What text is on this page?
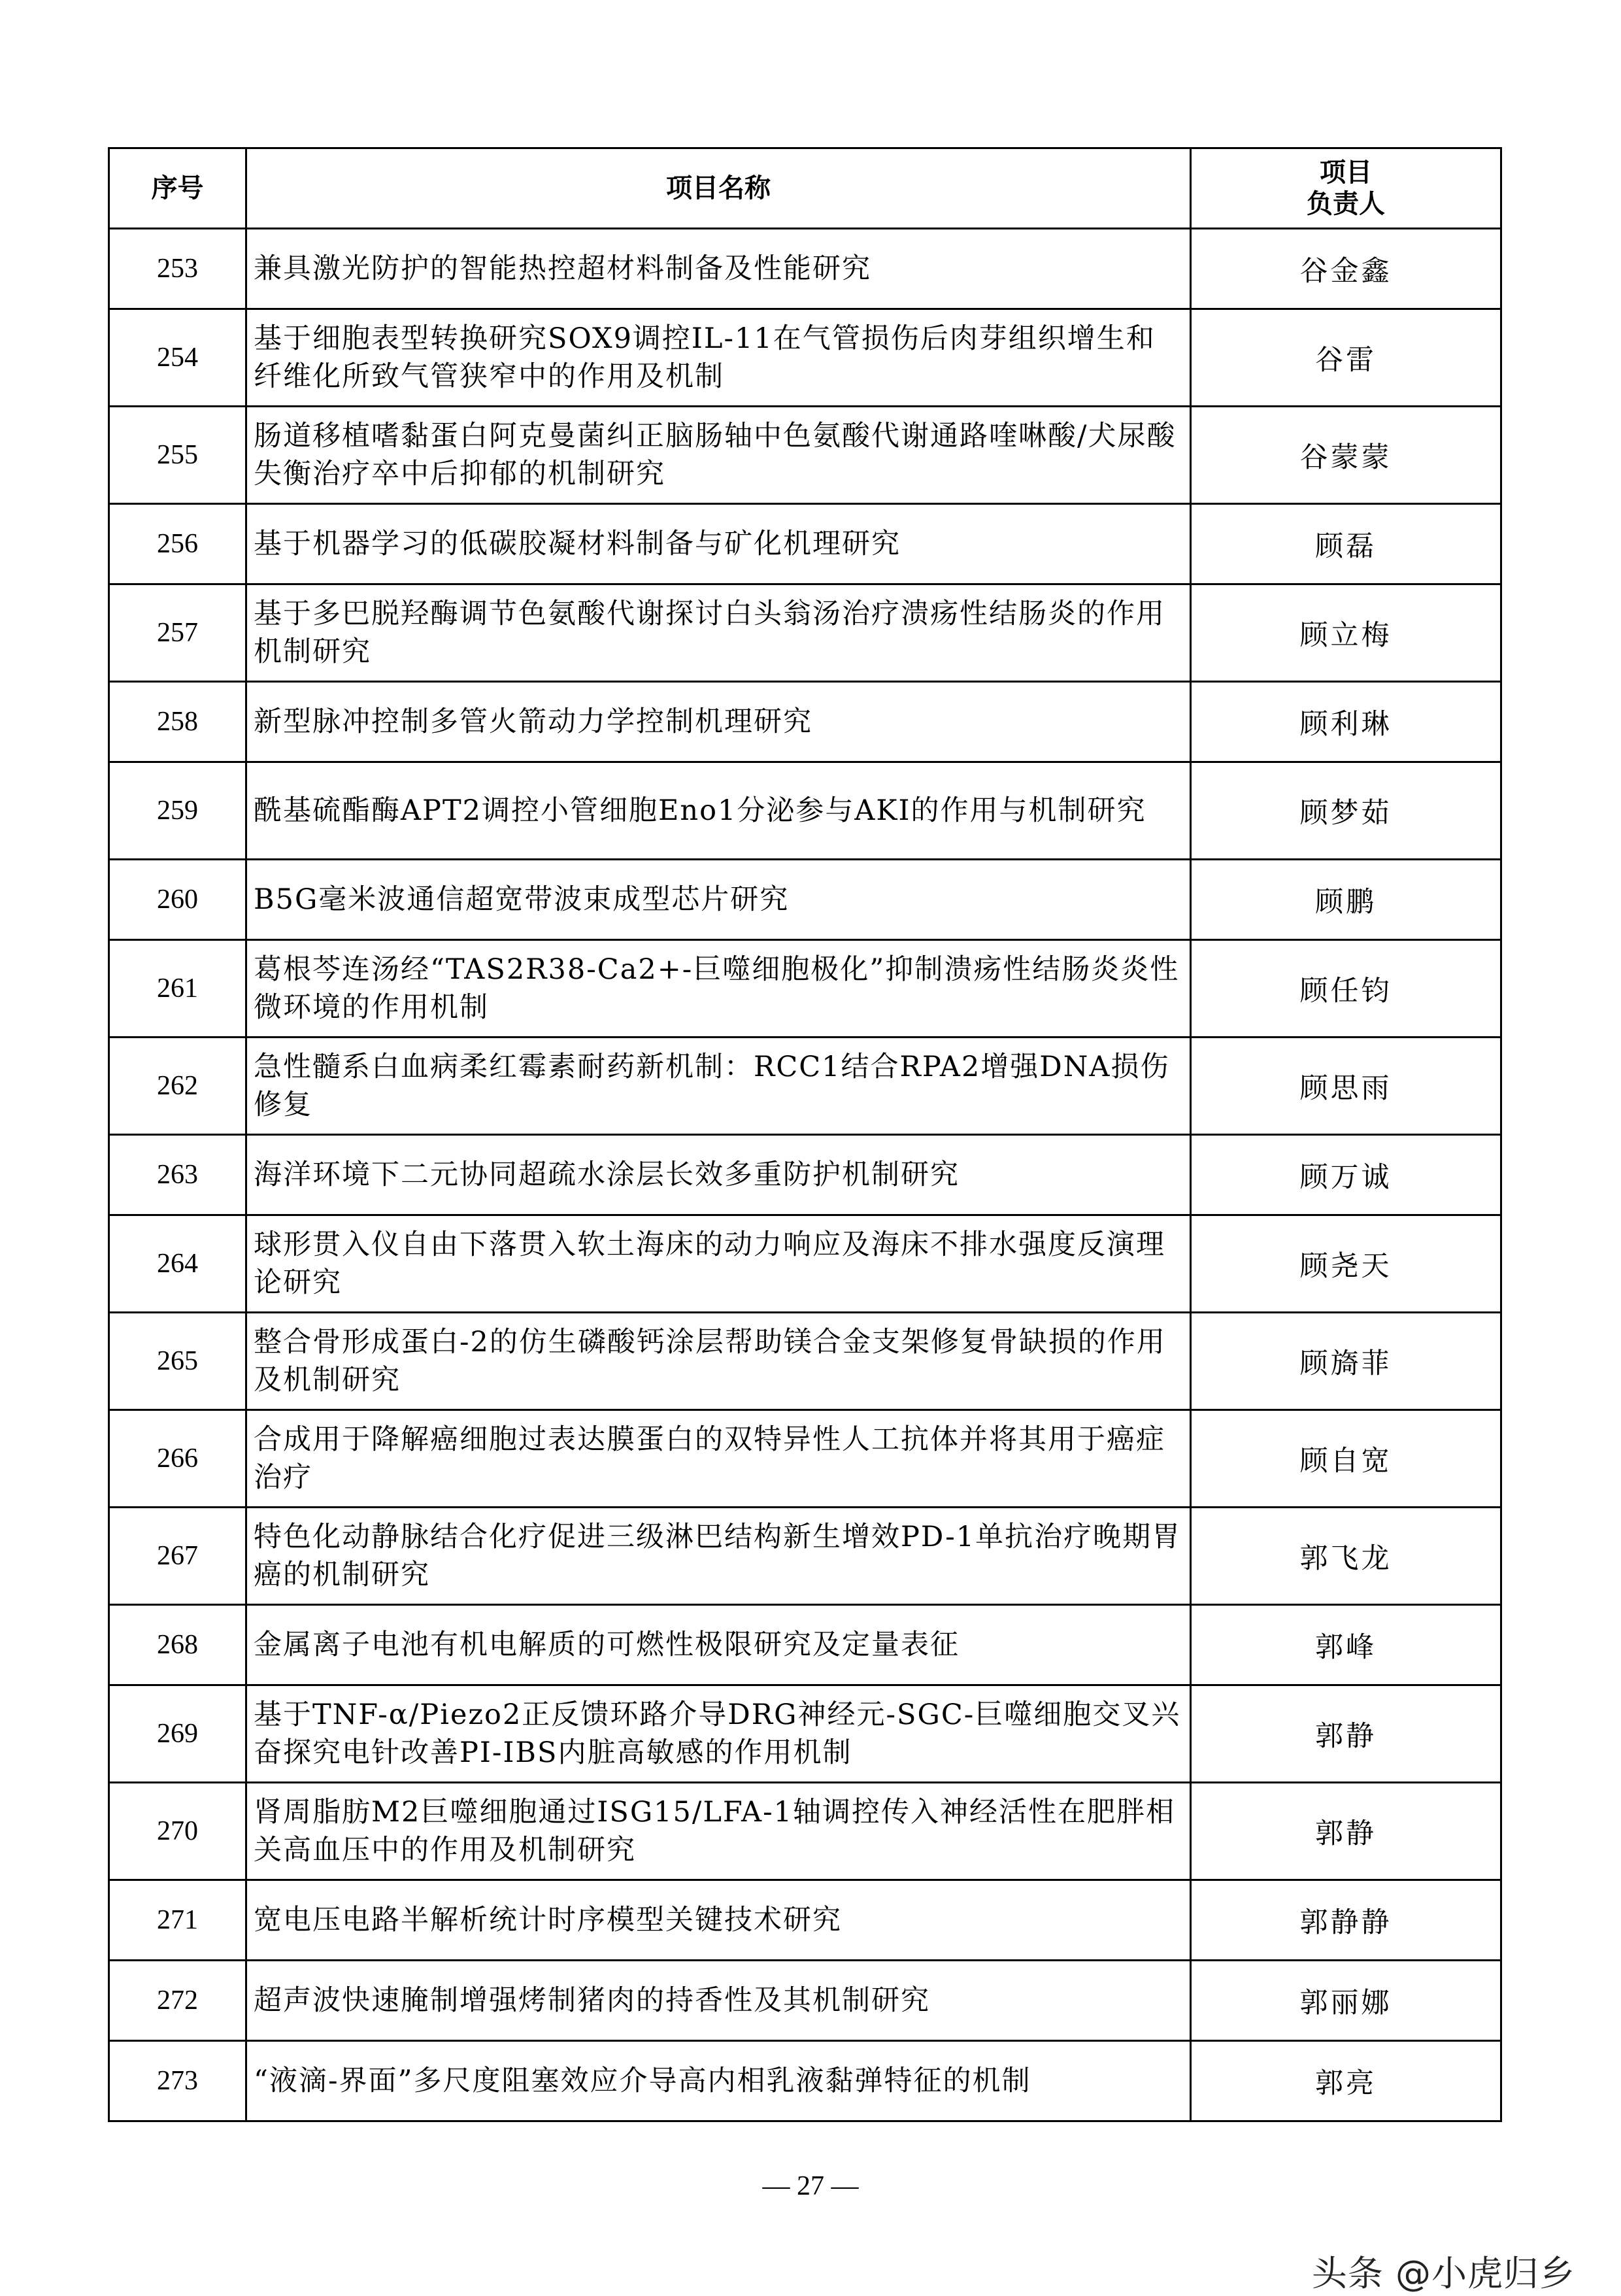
序号	项目名称	项目
负责人

253	兼具激光防护的智能热控超材料制备及性能研究	谷金鑫
254	基于细胞表型转换研究SOX9调控IL-11在气管损伤后肉芽组织增生和纤维化所致气管狭窄中的作用及机制	谷雷
255	肠道移植嗜黏蛋白阿克曼菌纠正脑肠轴中色氨酸代谢通路喹啉酸/犬尿酸失衡治疗卒中后抑郁的机制研究	谷蒙蒙
256	基于机器学习的低碳胶凝材料制备与矿化机理研究	顾磊
257	基于多巴脱羟酶调节色氨酸代谢探讨白头翁汤治疗溃疡性结肠炎的作用机制研究	顾立梅
258	新型脉冲控制多管火箭动力学控制机理研究	顾利琳
259	酰基硫酯酶APT2调控小管细胞Eno1分泌参与AKI的作用与机制研究	顾梦茹
260	B5G毫米波通信超宽带波束成型芯片研究	顾鹏
261	葛根芩连汤经“TAS2R38-Ca2+-巨噬细胞极化”抑制溃疡性结肠炎炎性微环境的作用机制	顾任钧
262	急性髓系白血病柔红霉素耐药新机制：RCC1结合RPA2增强DNA损伤修复	顾思雨
263	海洋环境下二元协同超疏水涂层长效多重防护机制研究	顾万诚
264	球形贯入仪自由下落贯入软土海床的动力响应及海床不排水强度反演理论研究	顾尧天
265	整合骨形成蛋白-2的仿生磷酸钙涂层帮助镁合金支架修复骨缺损的作用及机制研究	顾旖菲
266	合成用于降解癌细胞过表达膜蛋白的双特异性人工抗体并将其用于癌症治疗	顾自宽
267	特色化动静脉结合化疗促进三级淋巴结构新生增效PD-1单抗治疗晚期胃癌的机制研究	郭飞龙
268	金属离子电池有机电解质的可燃性极限研究及定量表征	郭峰
269	基于TNF-α/Piezo2正反馈环路介导DRG神经元-SGC-巨噬细胞交叉兴奋探究电针改善PI-IBS内脏高敏感的作用机制	郭静
270	肾周脂肪M2巨噬细胞通过ISG15/LFA-1轴调控传入神经活性在肥胖相关高血压中的作用及机制研究	郭静
271	宽电压电路半解析统计时序模型关键技术研究	郭静静
272	超声波快速腌制增强烤制猪肉的持香性及其机制研究	郭丽娜
273	“液滴-界面”多尺度阻塞效应介导高内相乳液黏弹特征的机制	郭亮
— 27 —
头条 @小虎归乡
